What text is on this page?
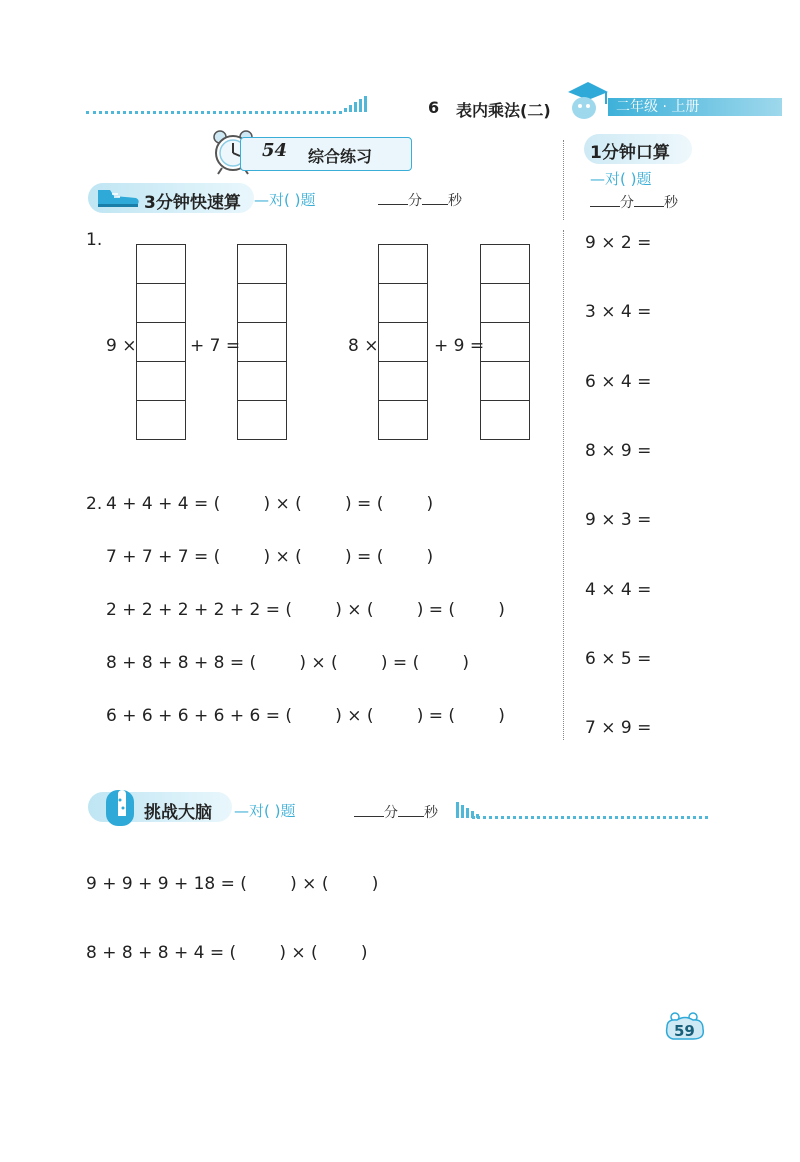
6 表内乘法(二)	二年级 · 上册
54 综合练习
3分钟快速算 —对( )题	分 秒
1.
9 ×	+ 7 =	8 ×	+ 9 =
2. 4 + 4 + 4 = (        ) × (        ) = (        )
7 + 7 + 7 = (        ) × (        ) = (        )
2 + 2 + 2 + 2 + 2 = (        ) × (        ) = (        )
8 + 8 + 8 + 8 = (        ) × (        ) = (        )
6 + 6 + 6 + 6 + 6 = (        ) × (        ) = (        )
1分钟口算
—对( )题
分 秒
9 × 2 =
3 × 4 =
6 × 4 =
8 × 9 =
9 × 3 =
4 × 4 =
6 × 5 =
7 × 9 =
挑战大脑 —对( )题	分 秒
9 + 9 + 9 + 18 = (        ) × (        )
8 + 8 + 8 + 4 = (        ) × (        )
59
